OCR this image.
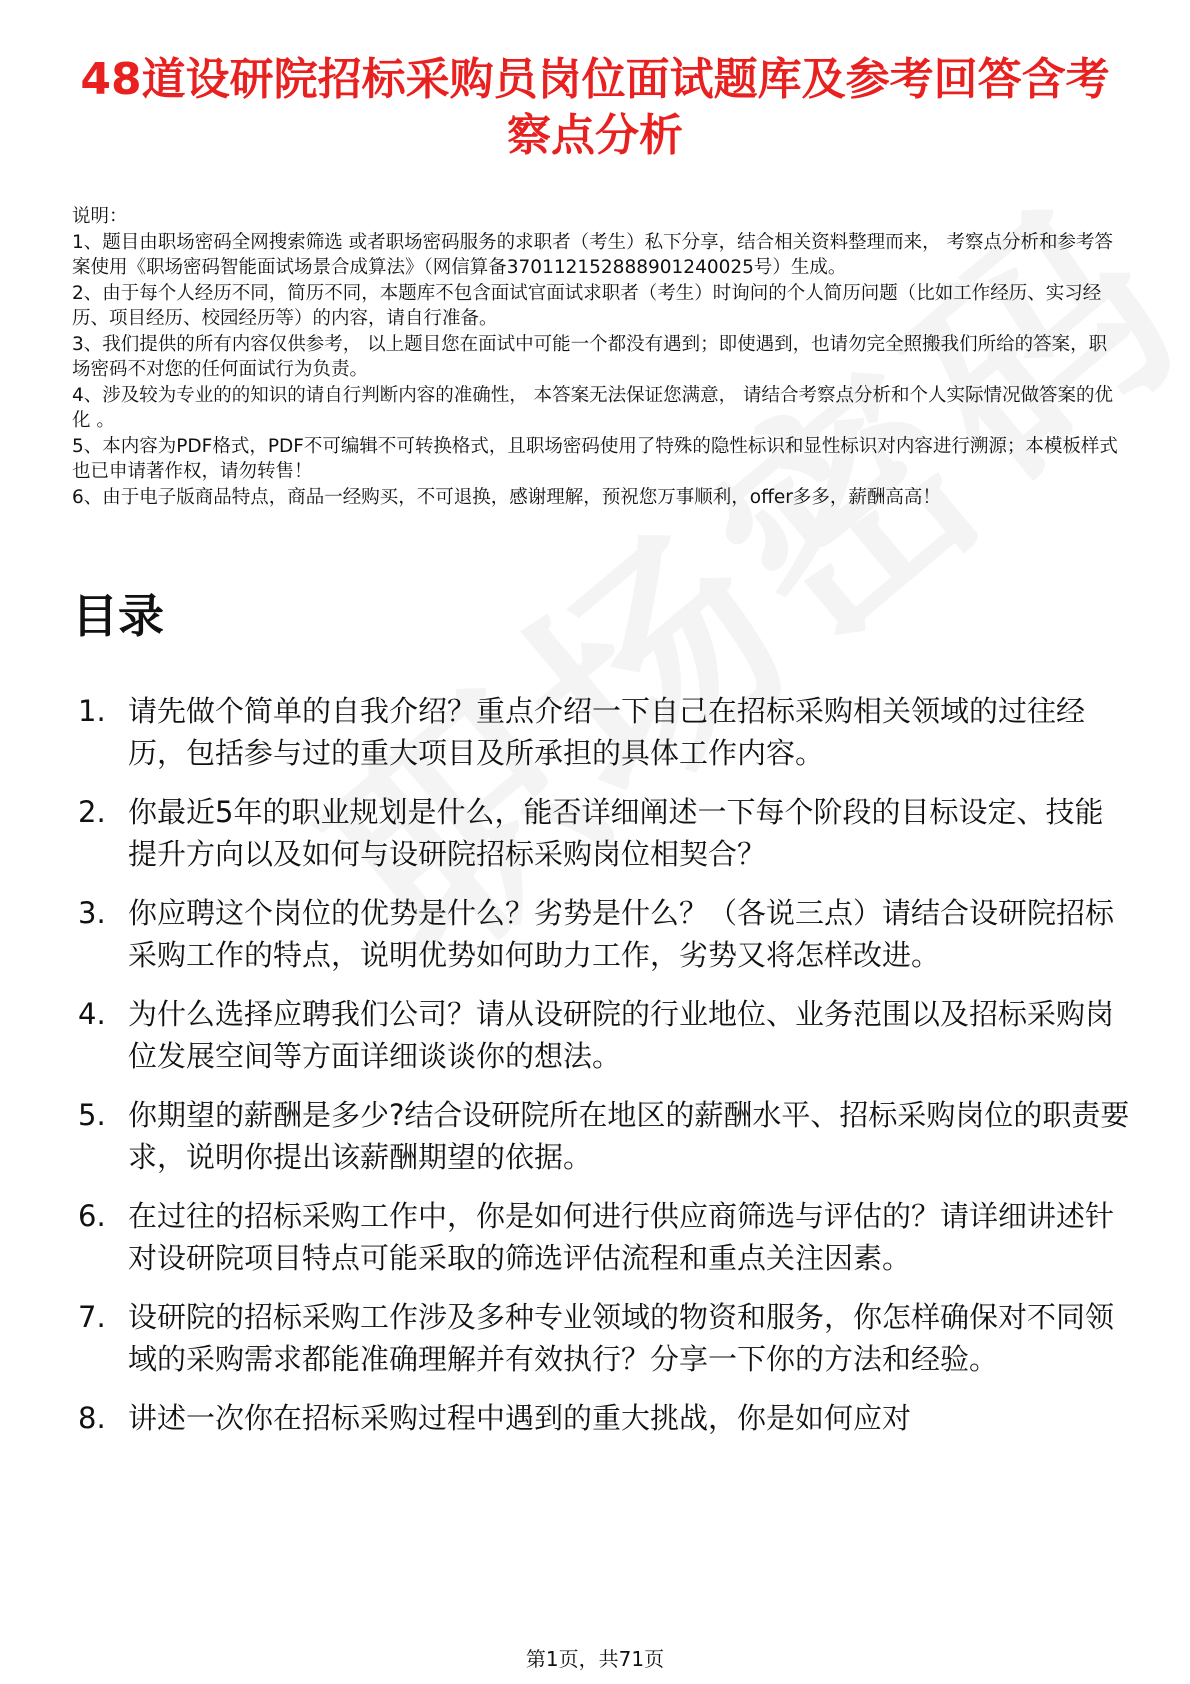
48道设研院招标采购员岗位面试题库及参考回答含考察点分析
说明：
1、题目由职场密码全网搜索筛选 或者职场密码服务的求职者（考生）私下分享，结合相关资料整理而来， 考察点分析和参考答案使用《职场密码智能面试场景合成算法》（网信算备370112152888901240025号）生成。
2、由于每个人经历不同，简历不同，本题库不包含面试官面试求职者（考生）时询问的个人简历问题（比如工作经历、实习经历、项目经历、校园经历等）的内容，请自行准备。
3、我们提供的所有内容仅供参考， 以上题目您在面试中可能一个都没有遇到；即使遇到，也请勿完全照搬我们所给的答案，职场密码不对您的任何面试行为负责。
4、涉及较为专业的的知识的请自行判断内容的准确性， 本答案无法保证您满意， 请结合考察点分析和个人实际情况做答案的优化 。
5、本内容为PDF格式，PDF不可编辑不可转换格式，且职场密码使用了特殊的隐性标识和显性标识对内容进行溯源；本模板样式也已申请著作权，请勿转售！
6、由于电子版商品特点，商品一经购买，不可退换，感谢理解，预祝您万事顺利，offer多多，薪酬高高！
目录
1. 请先做个简单的自我介绍？重点介绍一下自己在招标采购相关领域的过往经历，包括参与过的重大项目及所承担的具体工作内容。
2. 你最近5年的职业规划是什么，能否详细阐述一下每个阶段的目标设定、技能提升方向以及如何与设研院招标采购岗位相契合？
3. 你应聘这个岗位的优势是什么？劣势是什么？（各说三点）请结合设研院招标采购工作的特点，说明优势如何助力工作，劣势又将怎样改进。
4. 为什么选择应聘我们公司？请从设研院的行业地位、业务范围以及招标采购岗位发展空间等方面详细谈谈你的想法。
5. 你期望的薪酬是多少?结合设研院所在地区的薪酬水平、招标采购岗位的职责要求，说明你提出该薪酬期望的依据。
6. 在过往的招标采购工作中，你是如何进行供应商筛选与评估的？请详细讲述针对设研院项目特点可能采取的筛选评估流程和重点关注因素。
7. 设研院的招标采购工作涉及多种专业领域的物资和服务，你怎样确保对不同领域的采购需求都能准确理解并有效执行？分享一下你的方法和经验。
8. 讲述一次你在招标采购过程中遇到的重大挑战，你是如何应对
第1页，共71页
